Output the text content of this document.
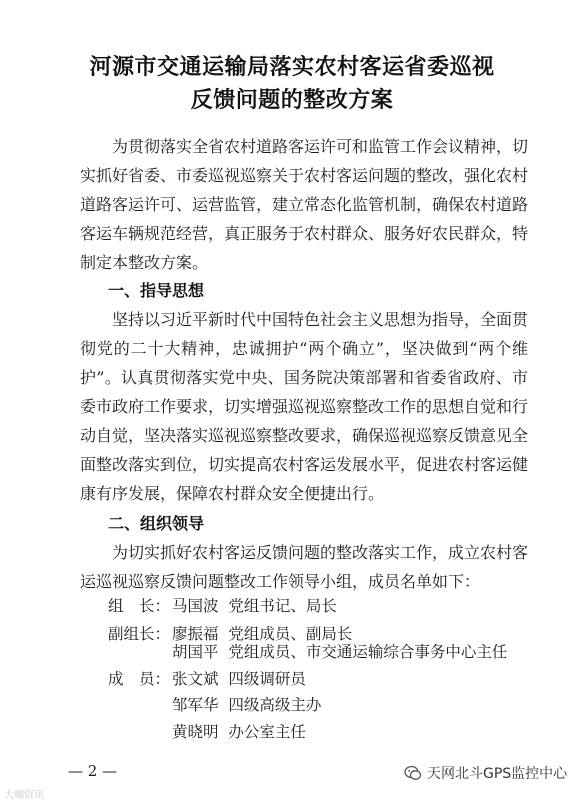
河源市交通运输局落实农村客运省委巡视
反馈问题的整改方案

为贯彻落实全省农村道路客运许可和监管工作会议精神，切实抓好省委、市委巡视巡察关于农村客运问题的整改，强化农村道路客运许可、运营监管，建立常态化监管机制，确保农村道路客运车辆规范经营，真正服务于农村群众、服务好农民群众，特制定本整改方案。

一、指导思想

坚持以习近平新时代中国特色社会主义思想为指导，全面贯彻党的二十大精神，忠诚拥护“两个确立”，坚决做到“两个维护”。认真贯彻落实党中央、国务院决策部署和省委省政府、市委市政府工作要求，切实增强巡视巡察整改工作的思想自觉和行动自觉，坚决落实巡视巡察整改要求，确保巡视巡察反馈意见全面整改落实到位，切实提高农村客运发展水平，促进农村客运健康有序发展，保障农村群众安全便捷出行。

二、组织领导

为切实抓好农村客运反馈问题的整改落实工作，成立农村客运巡视巡察反馈问题整改工作领导小组，成员名单如下：

组　长： 马国波 党组书记、局长
副组长： 廖振福 党组成员、副局长
胡国平 党组成员、市交通运输综合事务中心主任
成　员： 张文斌 四级调研员
邹军华 四级高级主办
黄晓明 办公室主任
— 2 —
大咖资讯
天网北斗GPS监控中心
